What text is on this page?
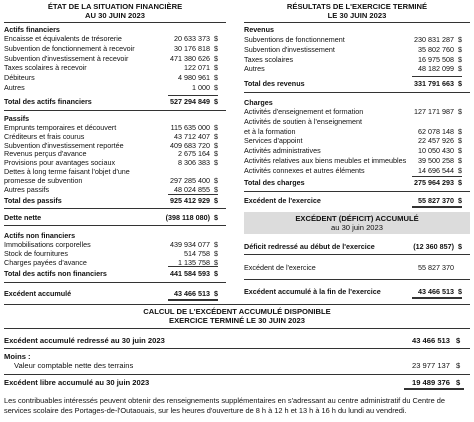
ÉTAT DE LA SITUATION FINANCIÈRE
AU 30 JUIN 2023
Actifs financiers
Encaisse et équivalents de trésorerie	20 633 373 $
Subvention de fonctionnement à recevoir	30 176 818 $
Subvention d'investissement à recevoir	471 380 626 $
Taxes scolaires à recevoir	122 071 $
Débiteurs	4 980 961 $
Autres	1 000 $
Total des actifs financiers	527 294 849 $
Passifs
Emprunts temporaires et découvert	115 635 000 $
Créditeurs et frais courus	43 712 407 $
Subvention d'investissement reportée	409 683 720 $
Revenus perçus d'avance	2 675 164 $
Provisions pour avantages sociaux	8 306 383 $
Dettes à long terme faisant l'objet d'une
promesse de subvention	297 285 400 $
Autres passifs	48 024 855 $
Total des passifs	925 412 929 $
Dette nette	(398 118 080) $
Actifs non financiers
Immobilisations corporelles	439 934 077 $
Stock de fournitures	514 758 $
Charges payées d'avance	1 135 758 $
Total des actifs non financiers	441 584 593 $
Excédent accumulé	43 466 513 $
RÉSULTATS DE L'EXERCICE TERMINÉ
LE 30 JUIN 2023
Revenus
Subventions de fonctionnement	230 831 287 $
Subvention d'investissement	35 802 760 $
Taxes scolaires	16 975 508 $
Autres	48 182 099 $
Total des revenus	331 791 663 $
Charges
Activités d'enseignement et formation	127 171 987 $
Activités de soutien à l'enseignement
et à la formation	62 078 148 $
Services d'appoint	22 457 926 $
Activités administratives	10 050 430 $
Activités relatives aux biens meubles et immeubles	39 500 258 $
Activités connexes et autres éléments	14 696 544 $
Total des charges	275 964 293 $
Excédent de l'exercice	55 827 370 $
EXCÉDENT (DÉFICIT) ACCUMULÉ
au 30 juin 2023
Déficit redressé au début de l'exercice	(12 360 857) $
Excédent de l'exercice	55 827 370
Excédent accumulé à la fin de l'exercice	43 466 513 $
CALCUL DE L'EXCÉDENT ACCUMULÉ DISPONIBLE
EXERCICE TERMINÉ LE 30 JUIN 2023
Excédent accumulé redressé au 30 juin 2023	43 466 513 $
Moins :
Valeur comptable nette des terrains	23 977 137 $
Excédent libre accumulé au 30 juin 2023	19 489 376 $
Les contribuables intéressés peuvent obtenir des renseignements supplémentaires en s'adressant au centre administratif du Centre de services scolaire des Portages-de-l'Outaouais, sur les heures d'ouverture de 8 h à 12 h et 13 h à 16 h du lundi au vendredi.
